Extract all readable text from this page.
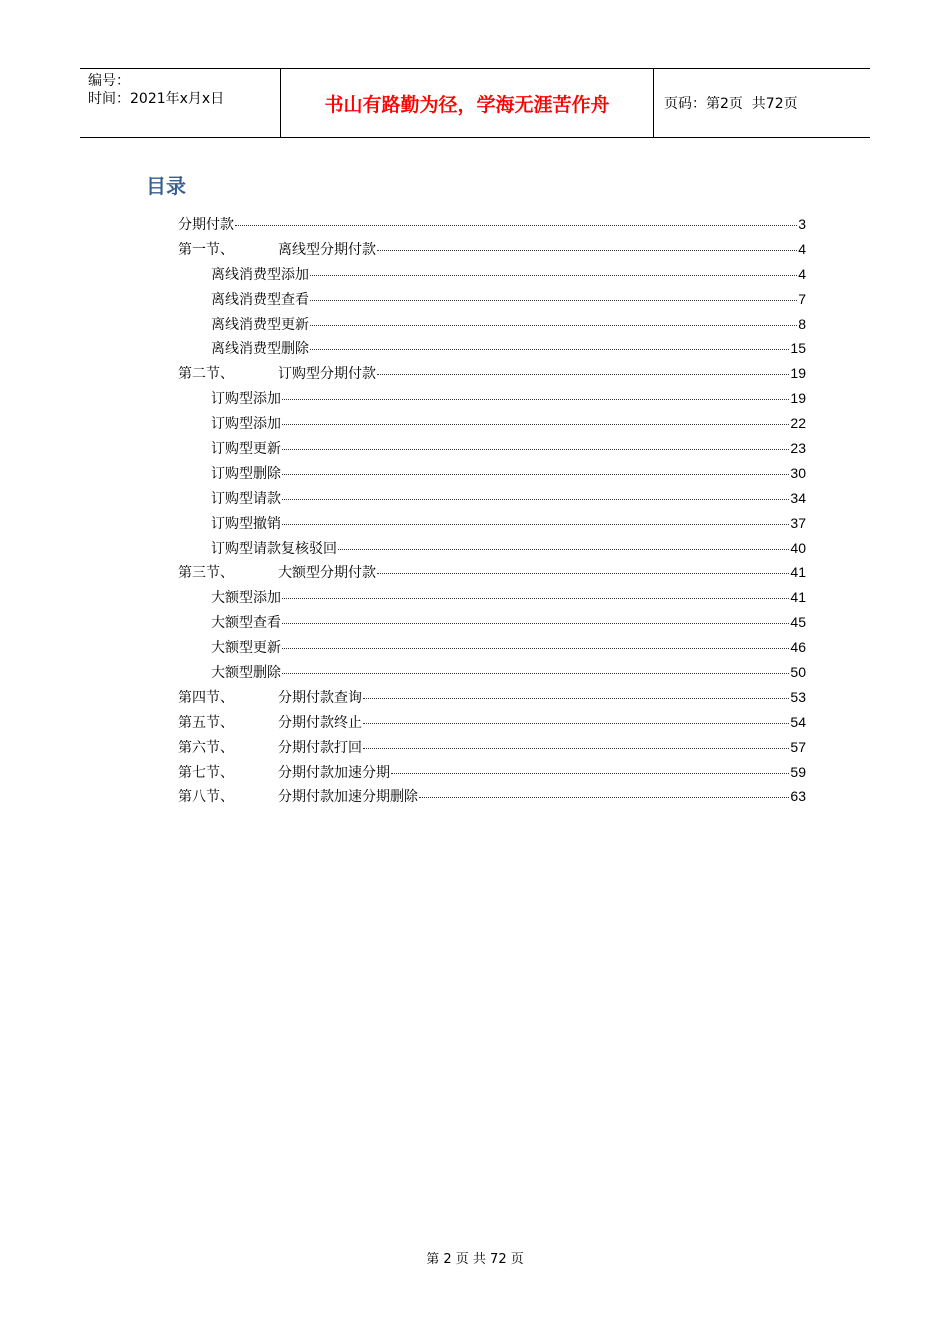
编号：
时间：2021年x月x日	书山有路勤为径，学海无涯苦作舟	页码：第2页  共72页
目录
分期付款	3
第一节、	离线型分期付款	4
离线消费型添加	4
离线消费型查看	7
离线消费型更新	8
离线消费型删除	15
第二节、	订购型分期付款	19
订购型添加	19
订购型添加	22
订购型更新	23
订购型删除	30
订购型请款	34
订购型撤销	37
订购型请款复核驳回	40
第三节、	大额型分期付款	41
大额型添加	41
大额型查看	45
大额型更新	46
大额型删除	50
第四节、	分期付款查询	53
第五节、	分期付款终止	54
第六节、	分期付款打回	57
第七节、	分期付款加速分期	59
第八节、	分期付款加速分期删除	63
第 2 页 共 72 页
